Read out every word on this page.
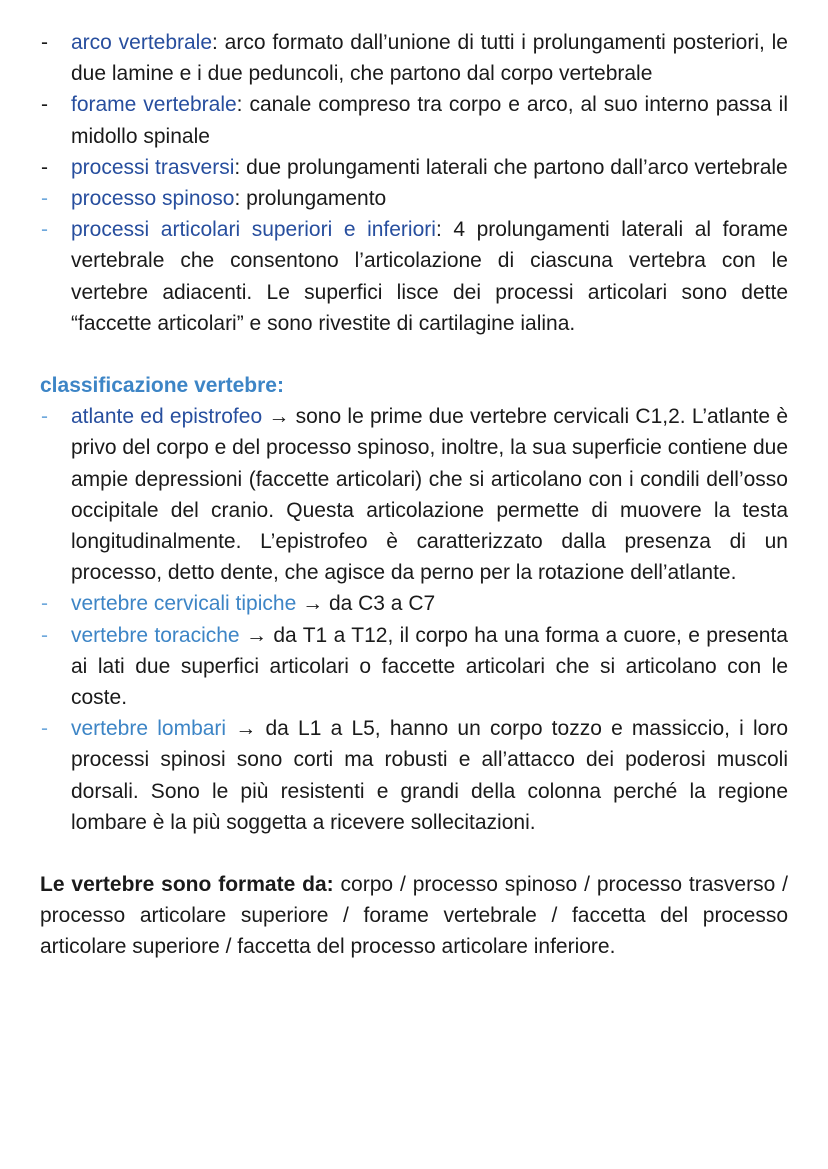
- arco vertebrale: arco formato dall’unione di tutti i prolungamenti posteriori, le due lamine e i due peduncoli, che partono dal corpo vertebrale
- forame vertebrale: canale compreso tra corpo e arco, al suo interno passa il midollo spinale
- processi trasversi: due prolungamenti laterali che partono dall’arco vertebrale
- processo spinoso: prolungamento
- processi articolari superiori e inferiori: 4 prolungamenti laterali al forame vertebrale che consentono l’articolazione di ciascuna vertebra con le vertebre adiacenti. Le superfici lisce dei processi articolari sono dette “faccette articolari” e sono rivestite di cartilagine ialina.
classificazione vertebre:
- atlante ed epistrofeo → sono le prime due vertebre cervicali C1,2. L’atlante è privo del corpo e del processo spinoso, inoltre, la sua superficie contiene due ampie depressioni (faccette articolari) che si articolano con i condili dell’osso occipitale del cranio. Questa articolazione permette di muovere la testa longitudinalmente. L’epistrofeo è caratterizzato dalla presenza di un processo, detto dente, che agisce da perno per la rotazione dell’atlante.
- vertebre cervicali tipiche → da C3 a C7
- vertebre toraciche → da T1 a T12, il corpo ha una forma a cuore, e presenta ai lati due superfici articolari o faccette articolari che si articolano con le coste.
- vertebre lombari → da L1 a L5, hanno un corpo tozzo e massiccio, i loro processi spinosi sono corti ma robusti e all’attacco dei poderosi muscoli dorsali. Sono le più resistenti e grandi della colonna perché la regione lombare è la più soggetta a ricevere sollecitazioni.

Le vertebre sono formate da: corpo / processo spinoso / processo trasverso / processo articolare superiore / forame vertebrale / faccetta del processo articolare superiore / faccetta del processo articolare inferiore.
